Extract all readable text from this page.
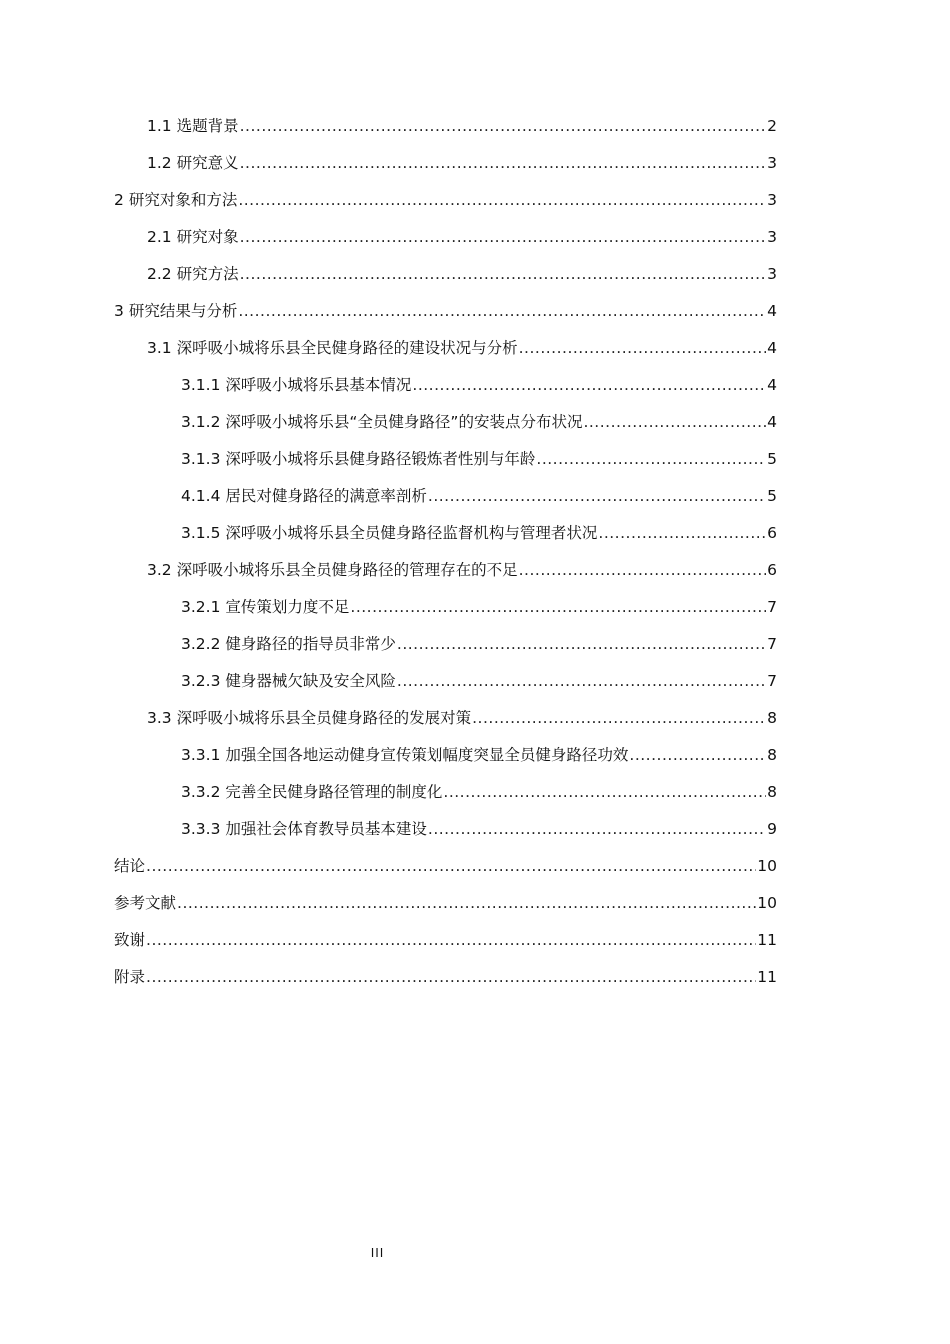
1.1 选题背景 .....	2
1.2 研究意义 .....	3
2 研究对象和方法 .....	3
2.1 研究对象 .....	3
2.2 研究方法 .....	3
3 研究结果与分析 .....	4
3.1 深呼吸小城将乐县全民健身路径的建设状况与分析 .....	4
3.1.1 深呼吸小城将乐县基本情况 .....	4
3.1.2 深呼吸小城将乐县“全员健身路径”的安装点分布状况 .....	4
3.1.3 深呼吸小城将乐县健身路径锻炼者性别与年龄 .....	5
4.1.4 居民对健身路径的满意率剖析 .....	5
3.1.5 深呼吸小城将乐县全员健身路径监督机构与管理者状况 .....	6
3.2 深呼吸小城将乐县全员健身路径的管理存在的不足 .....	6
3.2.1 宣传策划力度不足 .....	7
3.2.2 健身路径的指导员非常少 .....	7
3.2.3 健身器械欠缺及安全风险 .....	7
3.3 深呼吸小城将乐县全员健身路径的发展对策 .....	8
3.3.1 加强全国各地运动健身宣传策划幅度突显全员健身路径功效 .....	8
3.3.2 完善全民健身路径管理的制度化 .....	8
3.3.3 加强社会体育教导员基本建设 .....	9
结论 .....	10
参考文献 .....	10
致谢 .....	11
附录 .....	11
III
